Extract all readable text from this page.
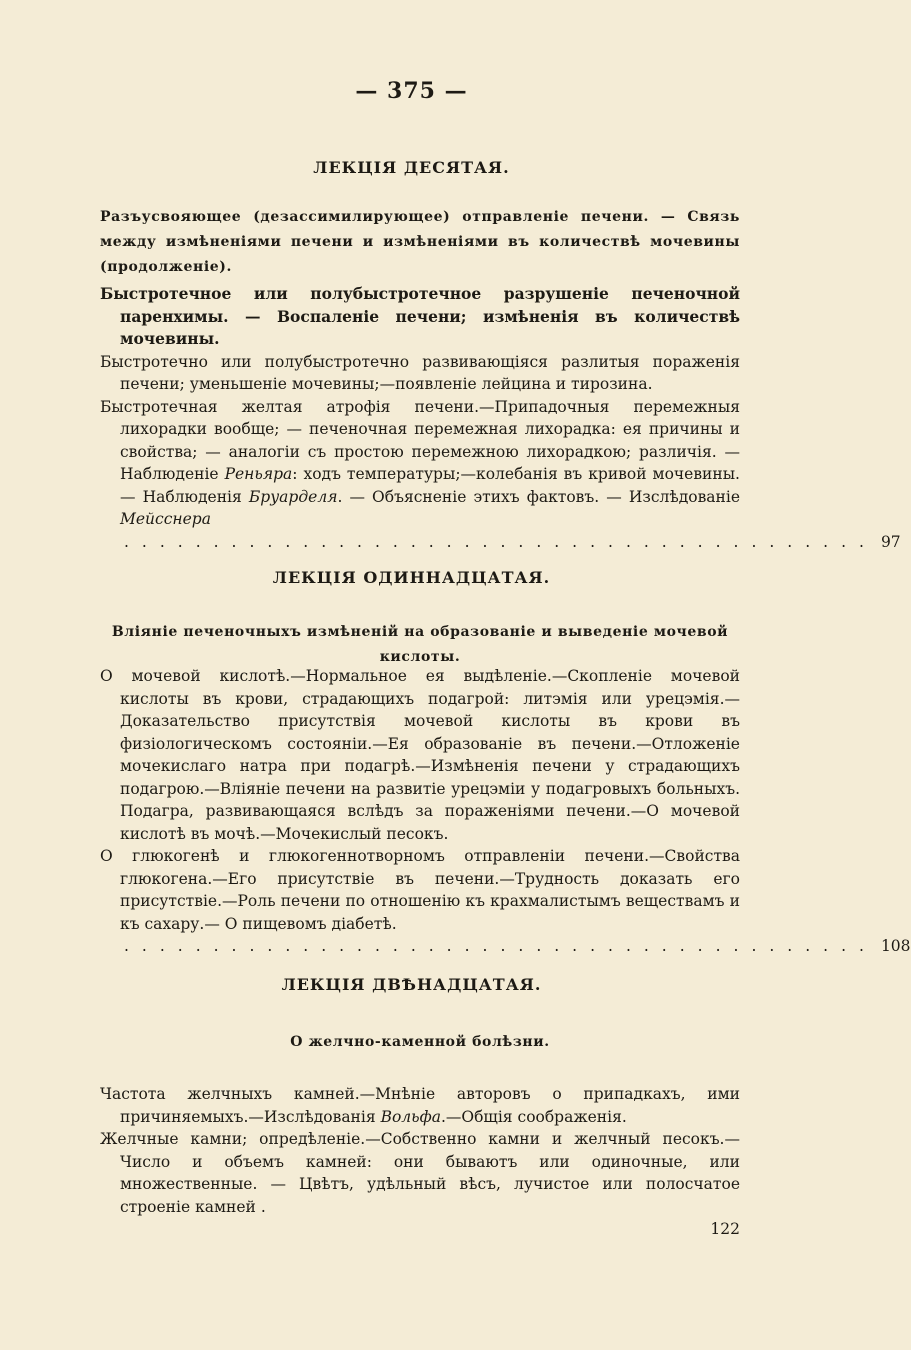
— 375 —
ЛЕКЦІЯ ДЕСЯТАЯ.
Разъусвояющее (дезассимилирующее) отправленіе печени. — Связь между измѣненіями печени и измѣненіями въ количествѣ мочевины (продолженіе).

Быстротечное или полубыстротечное разрушеніе печеночной паренхимы. — Воспаленіе печени; измѣненія въ количествѣ мочевины.

Быстротечно или полубыстротечно развивающіяся разлитыя пораженія печени; уменьшеніе мочевины;—появленіе лейцина и тирозина.

Быстротечная желтая атрофія печени.—Припадочныя перемежныя лихорадки вообще; — печеночная перемежная лихорадка: ея причины и свойства; — аналогіи съ простою перемежною лихорадкою; различія. — Наблюденіе Реньяра: ходъ температуры;—колебанія въ кривой мочевины. — Наблюденія Бруарделя. — Объясненіе этихъ фактовъ. — Изслѣдованіе Мейсснера

.......................................... 97
ЛЕКЦІЯ ОДИННАДЦАТАЯ.
Вліяніе печеночныхъ измѣненій на образованіе и выведеніе мочевой кислоты.

О мочевой кислотѣ.—Нормальное ея выдѣленіе.—Скопленіе мочевой кислоты въ крови, страдающихъ подагрой: литэмія или урецэмія.—Доказательство присутствія мочевой кислоты въ крови въ физіологическомъ состояніи.—Ея образованіе въ печени.—Отложеніе мочекислаго натра при подагрѣ.—Измѣненія печени у страдающихъ подагрою.—Вліяніе печени на развитіе урецэміи у подагровыхъ больныхъ. Подагра, развивающаяся вслѣдъ за пораженіями печени.—О мочевой кислотѣ въ мочѣ.—Мочекислый песокъ.

О глюкогенѣ и глюкогеннотворномъ отправленіи печени.—Свойства глюкогена.—Его присутствіе въ печени.—Трудность доказать его присутствіе.—Роль печени по отношенію къ крахмалистымъ веществамъ и къ сахару.— О пищевомъ діабетѣ.

.......................................... 108
ЛЕКЦІЯ ДВѢНАДЦАТАЯ.
О желчно-каменной болѣзни.

Частота желчныхъ камней.—Мнѣніе авторовъ о припадкахъ, ими причиняемыхъ.—Изслѣдованія Вольфа.—Общія соображенія.

Желчные камни; опредѣленіе.—Собственно камни и желчный песокъ.—Число и объемъ камней: они бываютъ или одиночные, или множественные. — Цвѣтъ, удѣльный вѣсъ, лучистое или полосчатое строеніе камней .

122
